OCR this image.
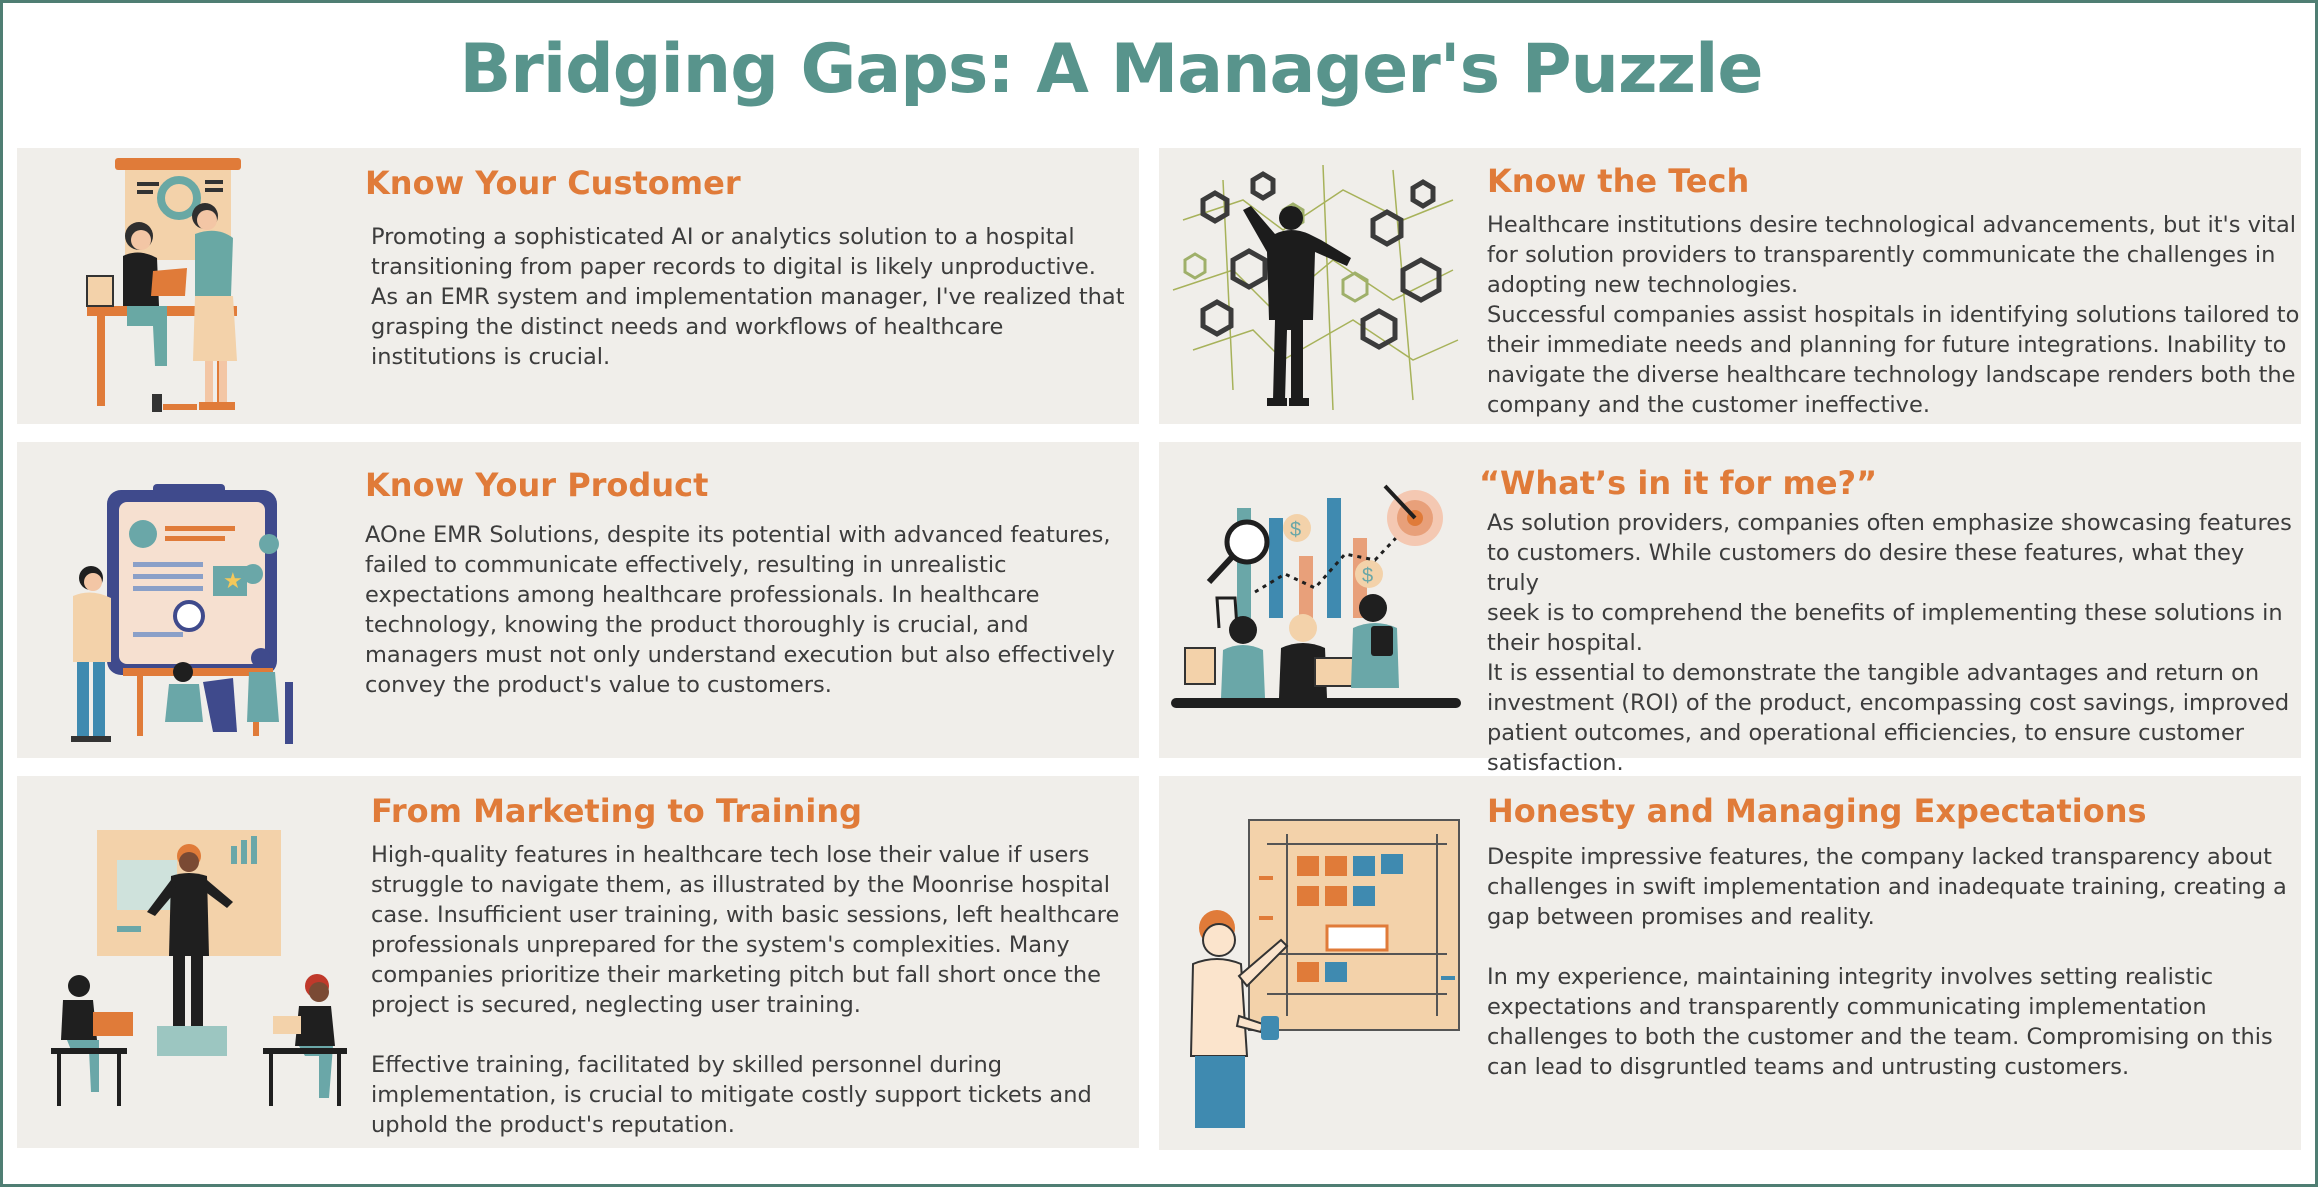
Bridging Gaps: A Manager's Puzzle
Know Your Customer
Promoting a sophisticated AI or analytics solution to a hospital
transitioning from paper records to digital is likely unproductive.
As an EMR system and implementation manager, I've realized that
grasping the distinct needs and workflows of healthcare
institutions is crucial.
Know the Tech
Healthcare institutions desire technological advancements, but it's vital
for solution providers to transparently communicate the challenges in
adopting new technologies.
Successful companies assist hospitals in identifying solutions tailored to
their immediate needs and planning for future integrations. Inability to
navigate the diverse healthcare technology landscape renders both the
company and the customer ineffective.
★
Know Your Product
AOne EMR Solutions, despite its potential with advanced features,
failed to communicate effectively, resulting in unrealistic
expectations among healthcare professionals. In healthcare
technology, knowing the product thoroughly is crucial, and
managers must not only understand execution but also effectively
convey the product's value to customers.
$
$
“What’s in it for me?”
As solution providers, companies often emphasize showcasing features
to customers. While customers do desire these features, what they truly
seek is to comprehend the benefits of implementing these solutions in
their hospital.
It is essential to demonstrate the tangible advantages and return on
investment (ROI) of the product, encompassing cost savings, improved
patient outcomes, and operational efficiencies, to ensure customer
satisfaction.
From Marketing to Training
High-quality features in healthcare tech lose their value if users
struggle to navigate them, as illustrated by the Moonrise hospital
case. Insufficient user training, with basic sessions, left healthcare
professionals unprepared for the system's complexities. Many
companies prioritize their marketing pitch but fall short once the
project is secured, neglecting user training.

Effective training, facilitated by skilled personnel during
implementation, is crucial to mitigate costly support tickets and
uphold the product's reputation.
Honesty and Managing Expectations
Despite impressive features, the company lacked transparency about
challenges in swift implementation and inadequate training, creating a
gap between promises and reality.

In my experience, maintaining integrity involves setting realistic
expectations and transparently communicating implementation
challenges to both the customer and the team. Compromising on this
can lead to disgruntled teams and untrusting customers.
